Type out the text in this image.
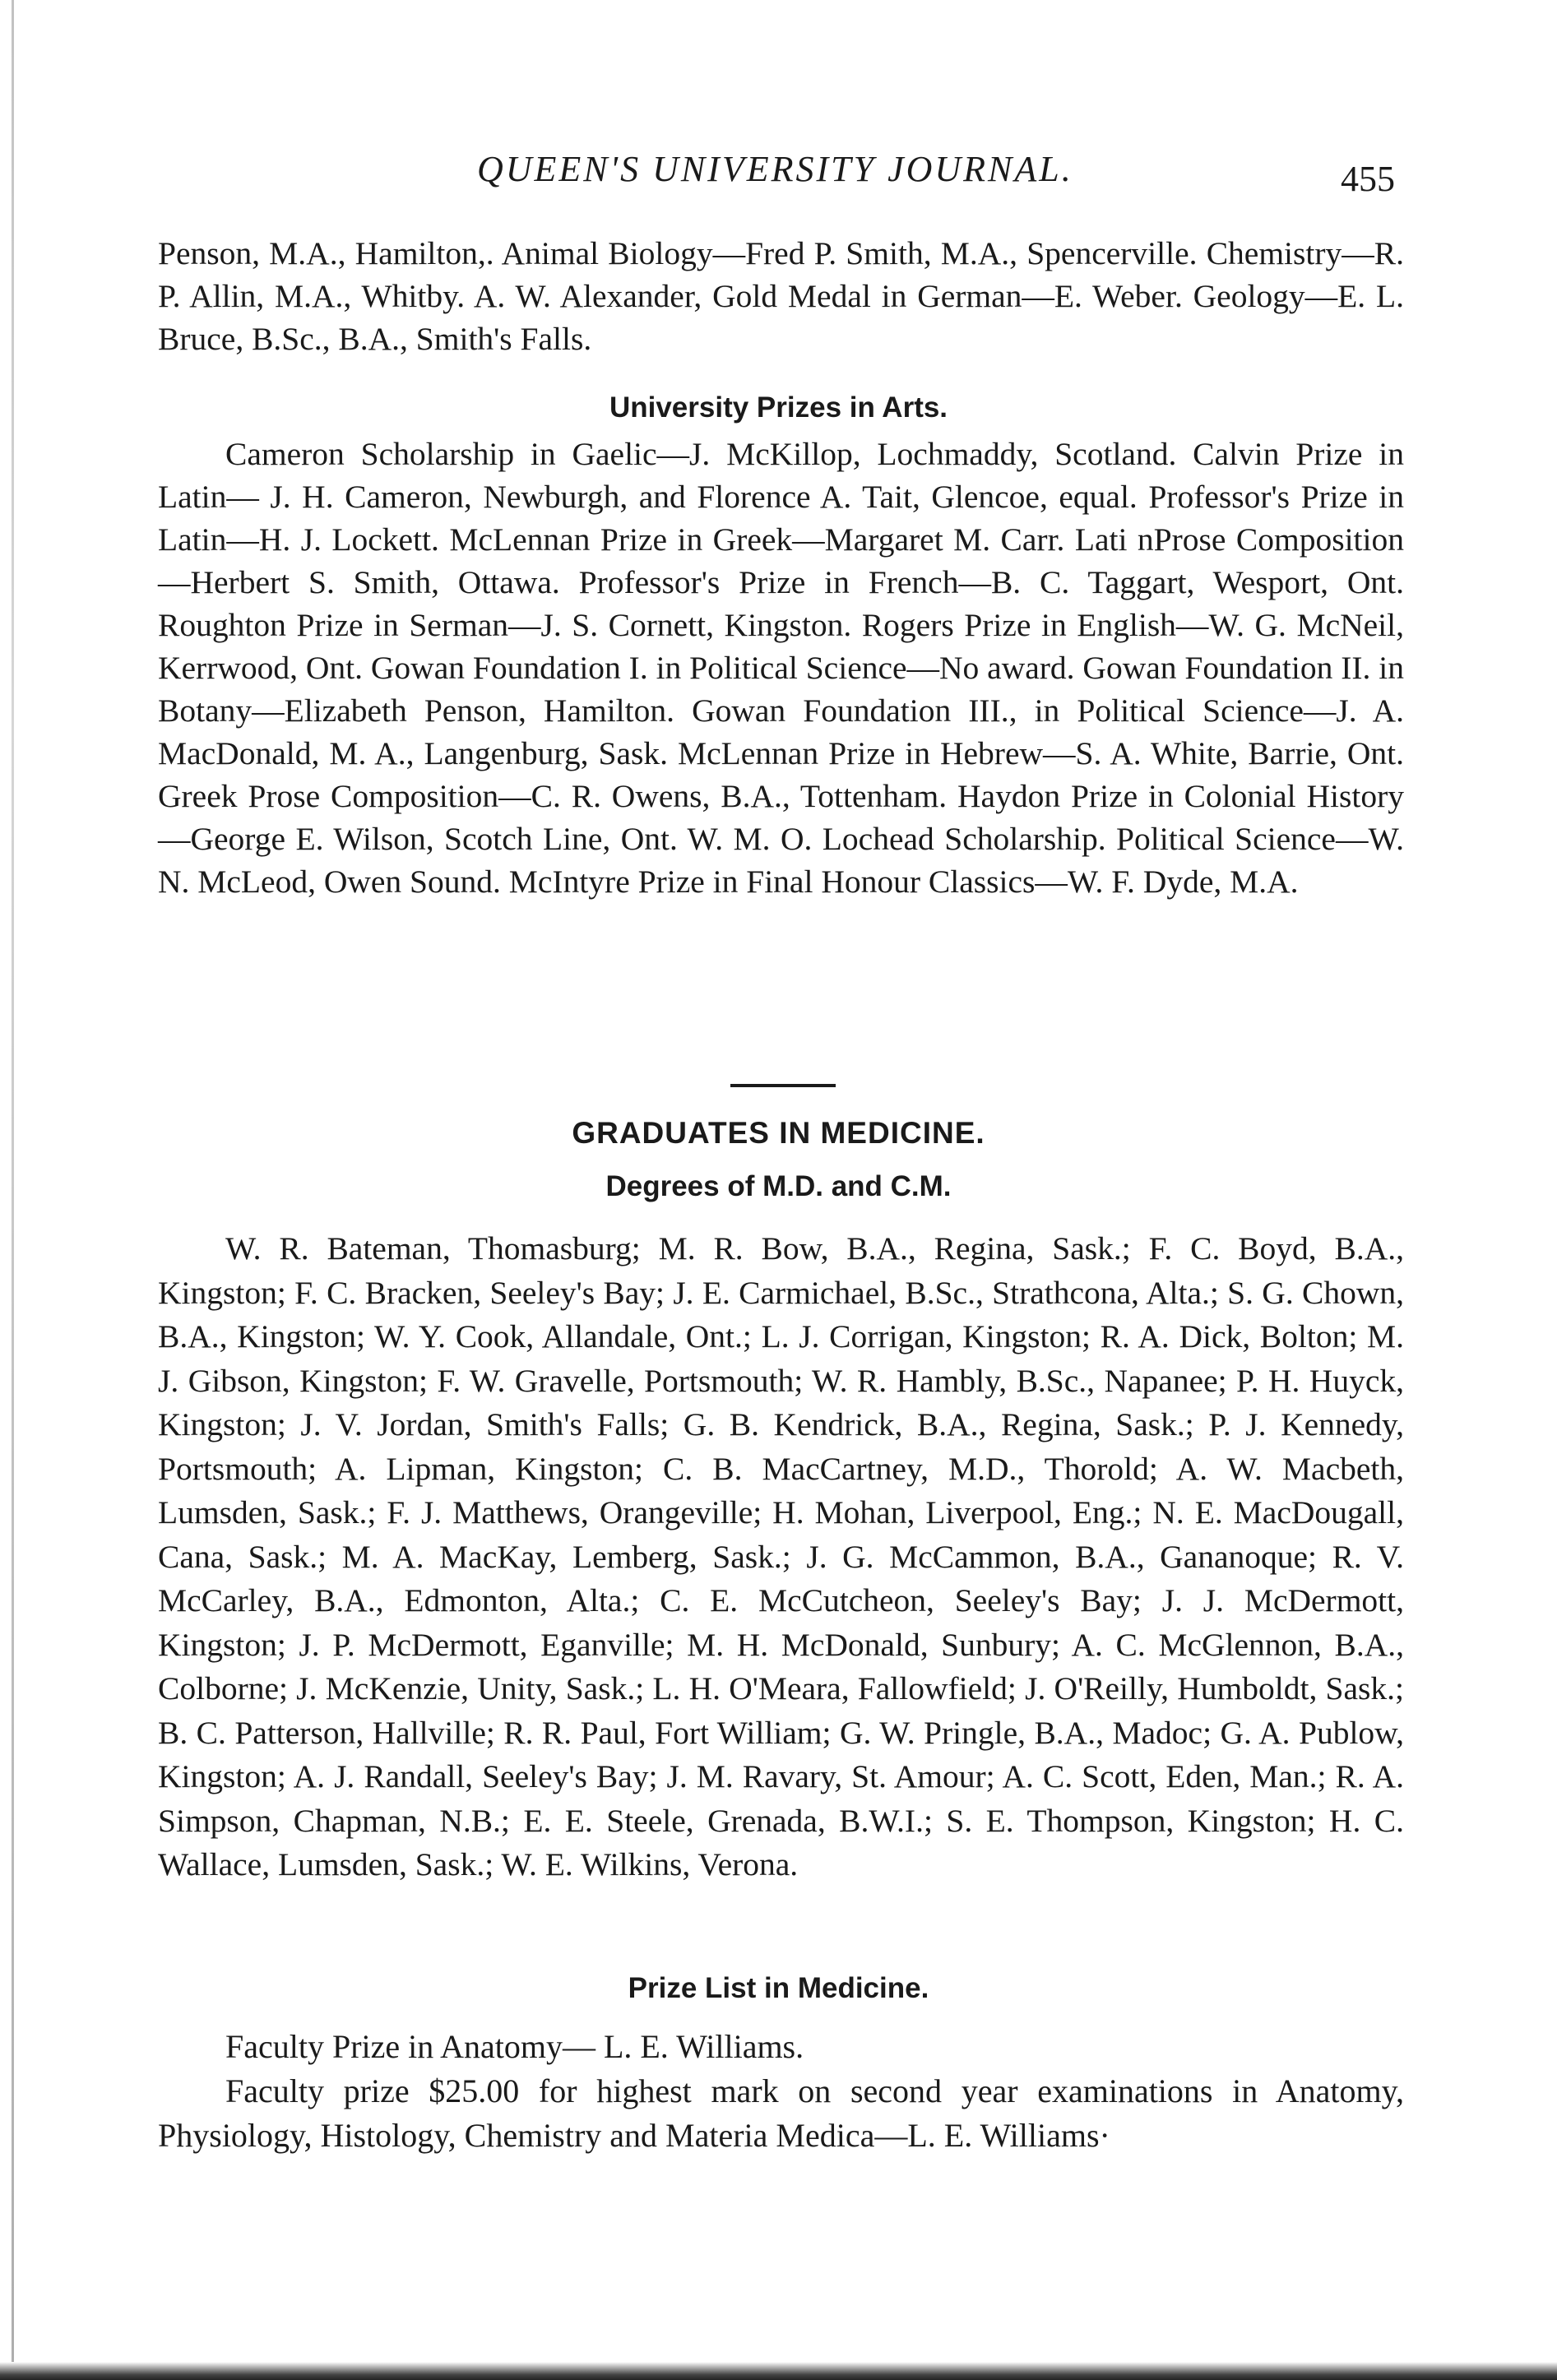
QUEEN'S UNIVERSITY JOURNAL.	455

Penson, M.A., Hamilton,. Animal Biology—Fred P. Smith, M.A., Spencerville. Chemistry—R. P. Allin, M.A., Whitby. A. W. Alexander, Gold Medal in German—E. Weber. Geology—E. L. Bruce, B.Sc., B.A., Smith's Falls.

University Prizes in Arts.

Cameron Scholarship in Gaelic—J. McKillop, Lochmaddy, Scotland. Calvin Prize in Latin— J. H. Cameron, Newburgh, and Florence A. Tait, Glencoe, equal. Professor's Prize in Latin—H. J. Lockett. McLennan Prize in Greek—Margaret M. Carr. Lati nProse Composition—Herbert S. Smith, Ottawa. Professor's Prize in French—B. C. Taggart, Wesport, Ont. Roughton Prize in Serman—J. S. Cornett, Kingston. Rogers Prize in English—W. G. McNeil, Kerrwood, Ont. Gowan Foundation I. in Political Science—No award. Gowan Foundation II. in Botany—Elizabeth Penson, Hamilton. Gowan Foundation III., in Political Science—J. A. MacDonald, M. A., Langenburg, Sask. McLennan Prize in Hebrew—S. A. White, Barrie, Ont. Greek Prose Composition—C. R. Owens, B.A., Tottenham. Haydon Prize in Colonial History—George E. Wilson, Scotch Line, Ont. W. M. O. Lochead Scholarship. Political Science—W. N. McLeod, Owen Sound. McIntyre Prize in Final Honour Classics—W. F. Dyde, M.A.

GRADUATES IN MEDICINE.
Degrees of M.D. and C.M.

W. R. Bateman, Thomasburg; M. R. Bow, B.A., Regina, Sask.; F. C. Boyd, B.A., Kingston; F. C. Bracken, Seeley's Bay; J. E. Carmichael, B.Sc., Strathcona, Alta.; S. G. Chown, B.A., Kingston; W. Y. Cook, Allandale, Ont.; L. J. Corrigan, Kingston; R. A. Dick, Bolton; M. J. Gibson, Kingston; F. W. Gravelle, Portsmouth; W. R. Hambly, B.Sc., Napanee; P. H. Huyck, Kingston; J. V. Jordan, Smith's Falls; G. B. Kendrick, B.A., Regina, Sask.; P. J. Kennedy, Portsmouth; A. Lipman, Kingston; C. B. MacCartney, M.D., Thorold; A. W. Macbeth, Lumsden, Sask.; F. J. Matthews, Orangeville; H. Mohan, Liverpool, Eng.; N. E. MacDougall, Cana, Sask.; M. A. MacKay, Lemberg, Sask.; J. G. McCammon, B.A., Gananoque; R. V. McCarley, B.A., Edmonton, Alta.; C. E. McCutcheon, Seeley's Bay; J. J. McDermott, Kingston; J. P. McDermott, Eganville; M. H. McDonald, Sunbury; A. C. McGlennon, B.A., Colborne; J. McKenzie, Unity, Sask.; L. H. O'Meara, Fallowfield; J. O'Reilly, Humboldt, Sask.; B. C. Patterson, Hallville; R. R. Paul, Fort William; G. W. Pringle, B.A., Madoc; G. A. Publow, Kingston; A. J. Randall, Seeley's Bay; J. M. Ravary, St. Amour; A. C. Scott, Eden, Man.; R. A. Simpson, Chapman, N.B.; E. E. Steele, Grenada, B.W.I.; S. E. Thompson, Kingston; H. C. Wallace, Lumsden, Sask.; W. E. Wilkins, Verona.

Prize List in Medicine.

Faculty Prize in Anatomy— L. E. Williams.

Faculty prize $25.00 for highest mark on second year examinations in Anatomy, Physiology, Histology, Chemistry and Materia Medica—L. E. Williams·
